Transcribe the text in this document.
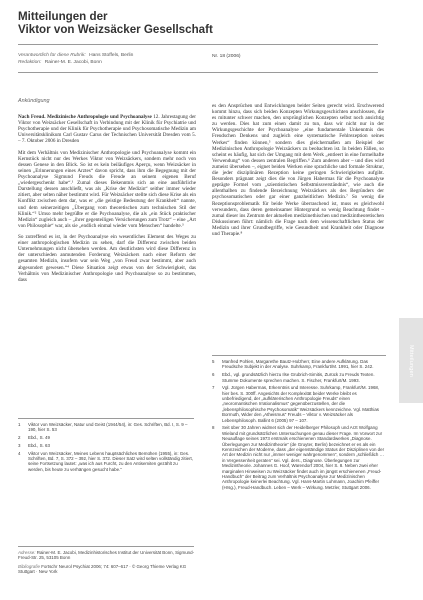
Mitteilungen der
Viktor von Weizsäcker Gesellschaft
Verantwortlich für diese Rubrik: Hans Stoffels, Berlin
Redaktion: Rainer-M. E. Jacobi, Bonn
Nr. 18 (2006)
Ankündigung

Nach Freud. Medizinische Anthropologie und Psychoanalyse 12. Jahrestagung der Viktor von Weizsäcker Gesellschaft in Verbindung mit der Klinik für Psychiatrie und Psychotherapie und der Klinik für Psychotherapie und Psychosomatische Medizin am Universitätsklinikum Carl Gustav Carus der Technischen Universität Dresden vom 5. – 7. Oktober 2006 in Dresden

Mit dem Verhältnis von Medizinischer Anthropologie und Psychoanalyse kommt ein Kernstück nicht nur des Werkes Viktor von Weizsäckers, sondern mehr noch von dessen Genese in den Blick. So ist es kein beiläufiges Aperçu, wenn Weizsäcker in seinen „Erinnerungen eines Arztes“ davon spricht, dass ihm die Begegnung mit der Psychoanalyse Sigmund Freuds die Freude an seinem eigenen Beruf „wiedergeschenkt habe“.¹ Zumal dieses Bekenntnis sich an eine ausführliche Darstellung dessen anschließt, was als „Krise der Medizin“ seither immer wieder zitiert, aber selten näher bestimmt wird. Für Weizsäcker stellte sich diese Krise als ein Konflikt zwischen dem dar, was er „die geistige Bedeutung der Krankheit“ nannte, und dem seinerzeitigen „Übergang vom theoretischen zum technischen Stil der Klinik.“² Umso mehr begrüßte er die Psychoanalyse, die als „ein Stück praktischer Medizin“ zugleich auch – „ihrer gegenteiligen Versicherungen zum Trotz“ – eine „Art von Philosophie“ war, als sie „endlich einmal wieder vom Menschen“ handelte.³

So zutreffend es ist, in der Psychoanalyse ein wesentliches Element des Weges zu einer anthropologischen Medizin zu sehen, darf die Differenz zwischen beiden Unternehmungen nicht übersehen werden. Am deutlichsten wird diese Differenz in der unterschieden anmutenden Forderung Weizsäckers nach einer Reform der gesamten Medizin, insofern war sein Weg „von Freud zwar bestimmt, aber auch abgesondert gewesen.“⁴ Diese Situation zeigt etwas von der Schwierigkeit, das Verhältnis von Medizinischer Anthropologie und Psychoanalyse so zu bestimmen, dass

es den Ansprüchen und Entwicklungen beider Seiten gerecht wird. Erschwerend kommt hinzu, dass sich beiden Konzepten Wirkungsgeschichten anschlossen, die es mitunter schwer machen, den ursprünglichen Konzepten selbst noch ansichtig zu werden. Dies hat zum einen damit zu tun, dass wir nicht nur in der Wirkungsgeschichte der Psychoanalyse „eine fundamentale Unkenntnis des Freudschen Denkens und zugleich eine systematische Fehlrezeption seines Werkes“ finden können,⁵ sondern dies gleichermaßen am Beispiel der Medizinischen Anthropologie Weizsäckers zu beobachten ist. In beiden Fällen, so scheint es häufig, hat sich der Umgang mit dem Werk „entleert in eine formelhafte Verwendung“ von dessen zentralen Begriffen.⁶ Zum anderen aber – und dies wird zumeist übersehen –, eignet beiden Werken eine sprachliche und formale Struktur, die jeder disziplinären Rezeption keine geringen Schwierigkeiten aufgibt. Besonders prägnant zeigt dies die von Jürgen Habermas für die Psychoanalyse geprägte Formel vom „szientistischen Selbstmissverständnis“, wie auch die allenthalben zu findende Bezeichnung Weizsäckers als des Begründers der psychosomatischen oder gar einer ganzheitlichen Medizin.⁷ So wenig die Rezeptionsproblematik für beide Werke überraschend ist, muss es gleichwohl verwundern, dass deren gemeinsamer Hintergrund so wenig Beachtung findet – zumal dieser ins Zentrum der aktuellen medizinethischen und medizintheoretischen Diskussionen führt: nämlich die Frage nach dem wissenschaftlichen Status der Medizin und ihrer Grundbegriffe, wie Gesundheit und Krankheit oder Diagnose und Therapie.⁸

1	Viktor von Weizsäcker, Natur und Geist (1944/54), in: Ges. Schriften, Bd. I, S. 9 – 190, hier S. 53
2	Ebd., S. 49
3	Ebd., S. 63
4	Viktor von Weizsäcker, Meines Lebens hauptsächliches Bemühen (1955), in: Ges. Schriften, Bd. 7, S. 372 – 392, hier S. 372. Dieser Satz wird selten vollständig zitiert, seine Fortsetzung lautet: „was ich aus Furcht, zu den Antisemiten gezählt zu werden, bis heute zu verhängen gesucht habe.“
5	Manfred Pohlen, Margarethe Bautz-Holzherr, Eine andere Aufklärung. Das Freudsche Subjekt in der Analyse. Suhrkamp, Frankfurt/M. 1991, hier S. 242.
6	Ebd., vgl. grundsätzlich hierzu Ilse Grubrich-Simitis, Zurück zu Freuds Texten. Stumme Dokumente sprechen machen. S. Fischer, Frankfurt/M. 1993.
7	Vgl. Jürgen Habermas, Erkenntnis und Interesse. Suhrkamp, Frankfurt/M. 1968, hier bes. S. 300ff. Angesichts der Komplexität beider Werke bleibt es unbefriedigend, der „aufklärerischen Anthropologie Freuds“ einen „neoromantischen Irrationalismus“ gegenüberzustellen, der die „lebensphilosophische Psychosomatik“ Weizsäckers kennzeichne. Vgl. Matthias Bormuth, Wider den „Atheismus“ Freuds – Viktor v. Weizsäcker als Lebensphilosoph. Ballint 6 (2005) 97 – 107.
8	Seit über 30 Jahren widmet sich der Heidelberger Philosoph und Arzt Wolfgang Wieland mit grundsätzlichen Untersuchungen genau dieser Frage. Im Vorwort zur Neuauflage seines 1973 erstmals erschienenen Standardwerkes „Diagnose. Überlegungen zur Medizintheorie“ (de Gruyter, Berlin) bezeichnet er es als ein Kennzeichen der Moderne, dass „der eigenständige Status der Disziplinen von der Art der Medizin nicht nur „immer weniger wahrgenommen“, sondern „schließlich … in Vergessenheit geraten“ sei. Vgl. ders., Diagnose. Überlegungen zur Medizintheorie. Johannes G. Hoof, Warendorf 2004, hier S. 8. Neben zwei eher marginalen Hinweisen zu Weizsäcker findet auch im jüngst erschienenen „Freud-Handbuch“ der Beitrag zum Verhältnis Psychoanalyse zur Medizinischen Anthropologie keinerlei Beachtung. Vgl. Hans-Martin Lohmann, Joachim Pfeiffer (Hrsg.), Freud-Handbuch. Leben – Werk – Wirkung. Metzler, Stuttgart 2006.
Adresse: Rainer-M. E. Jacobi, Medizinhistorisches Institut der Universität Bonn, Sigmund-Freud-Str. 25, 53105 Bonn
Bibliografie Fortschr Neurol Psychiat 2006; 74: 607–617 · © Georg Thieme Verlag KG Stuttgart · New York
Mitteilungen
